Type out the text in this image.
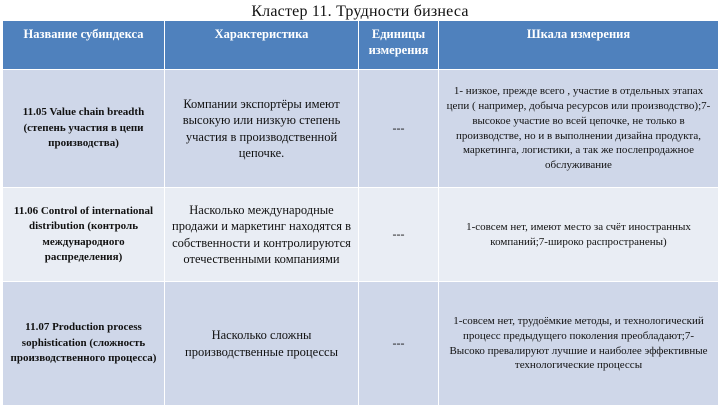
Кластер 11. Трудности бизнеса
Название субиндекса	Характеристика	Единицы измерения	Шкала измерения
11.05 Value chain breadth (степень участия в цепи производства)	Компании экспортёры имеют высокую или низкую степень участия в производственной цепочке.	---	1- низкое, прежде всего , участие в отдельных этапах цепи ( например, добыча ресурсов или производство);7- высокое участие во всей цепочке, не только в производстве, но и в выполнении дизайна продукта, маркетинга, логистики, а так же послепродажное обслуживание
11.06 Control of international distribution (контроль международного распределения)	Насколько международные продажи и маркетинг находятся в собственности и контролируются отечественными компаниями	---	1-совсем нет, имеют место за счёт иностранных компаний;7-широко распространены)
11.07 Production process sophistication (сложность производственного процесса)	Насколько сложны производственные процессы	---	1-совсем нет, трудоёмкие методы, и технологический процесс предыдущего поколения преобладают;7- Высоко превалируют лучшие и наиболее эффективные технологические процессы
